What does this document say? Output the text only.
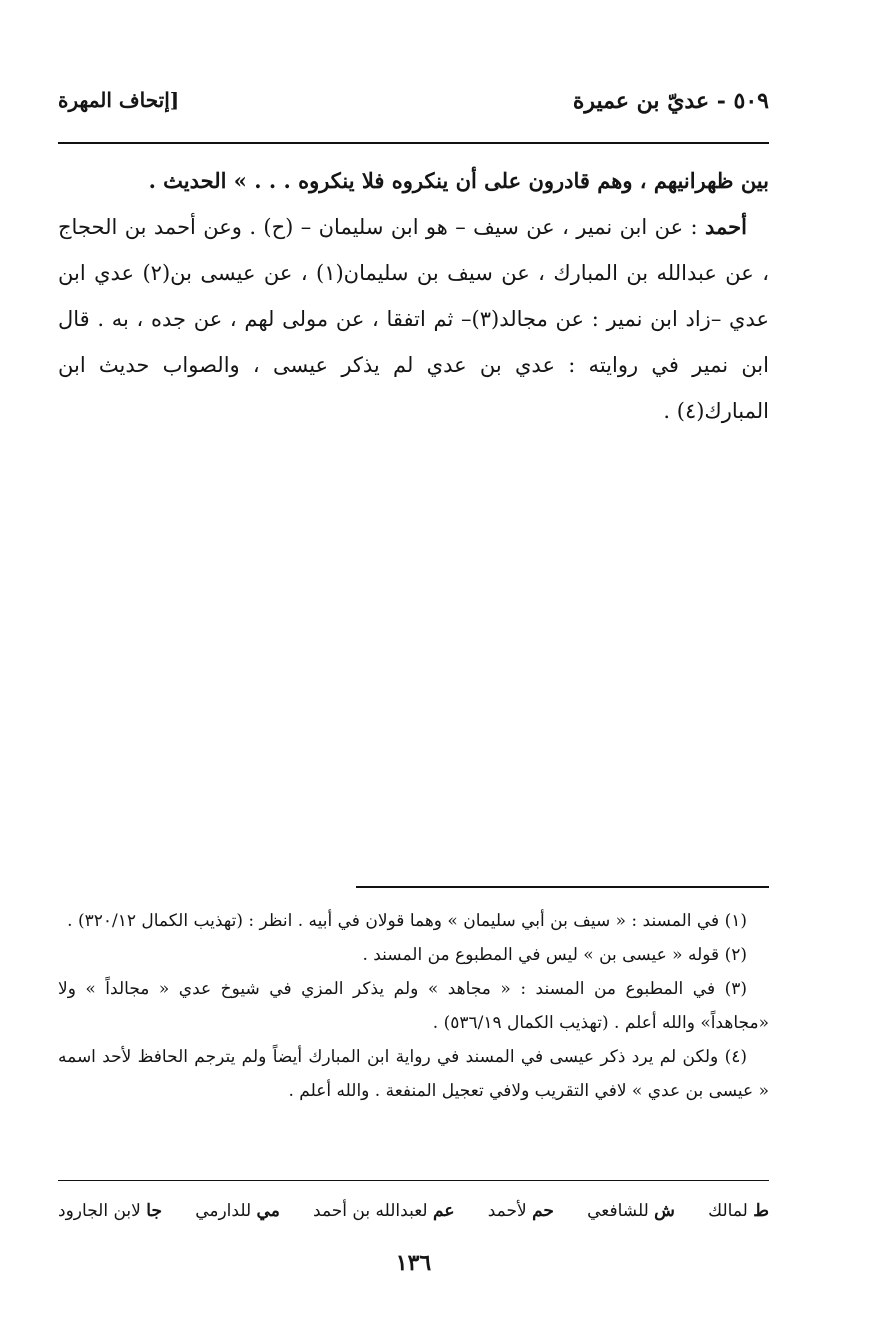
٥٠٩ - عديّ بن عميرة
[إتحاف المهرة

بين ظهرانيهم ، وهم قادرون على أن ينكروه فلا ينكروه . . . » الحديث .

أحمد : عن ابن نمير ، عن سيف – هو ابن سليمان – (ح) . وعن أحمد بن الحجاج ، عن عبدالله بن المبارك ، عن سيف بن سليمان(١) ، عن عيسى بن(٢) عدي ابن عدي –زاد ابن نمير : عن مجالد(٣)– ثم اتفقا ، عن مولى لهم ، عن جده ، به . قال ابن نمير في روايته : عدي بن عدي لم يذكر عيسى ، والصواب حديث ابن المبارك(٤) .

(١) في المسند : « سيف بن أبي سليمان » وهما قولان في أبيه . انظر : (تهذيب الكمال ٣٢٠/١٢) .

(٢) قوله « عيسى بن » ليس في المطبوع من المسند .

(٣) في المطبوع من المسند : « مجاهد » ولم يذكر المزي في شيوخ عدي « مجالداً » ولا «مجاهداً» والله أعلم . (تهذيب الكمال ٥٣٦/١٩) .

(٤) ولكن لم يرد ذكر عيسى في المسند في رواية ابن المبارك أيضاً ولم يترجم الحافظ لأحد اسمه « عيسى بن عدي » لافي التقريب ولافي تعجيل المنفعة . والله أعلم .

ط لمالك
ش للشافعي
حم لأحمد
عم لعبدالله بن أحمد
مي للدارمي
جا لابن الجارود
١٣٦
